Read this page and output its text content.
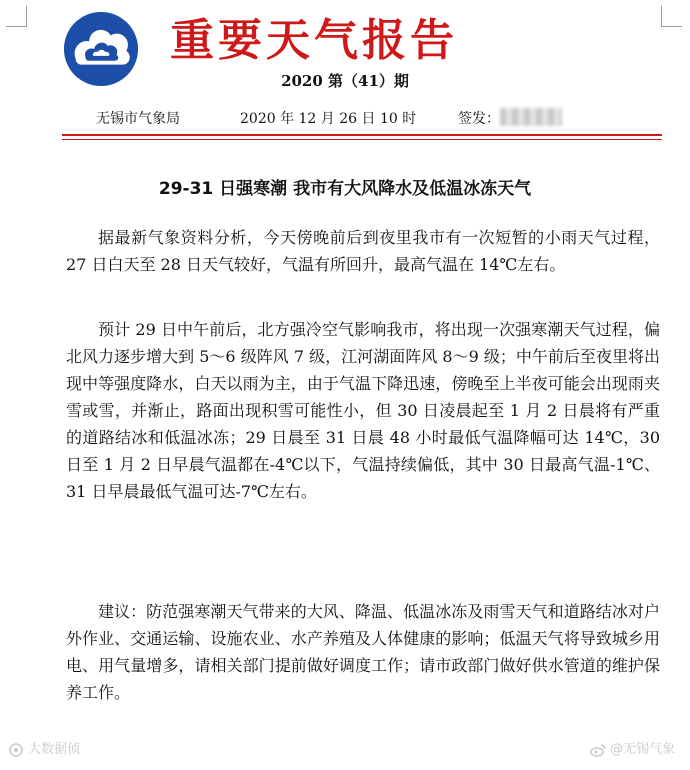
重要天气报告
2020 第（41）期
无锡市气象局	2020 年 12 月 26 日 10 时	签发：
29-31 日强寒潮 我市有大风降水及低温冰冻天气

据最新气象资料分析，今天傍晚前后到夜里我市有一次短暂的小雨天气过程，27 日白天至 28 日天气较好，气温有所回升，最高气温在 14℃左右。

预计 29 日中午前后，北方强冷空气影响我市，将出现一次强寒潮天气过程，偏北风力逐步增大到 5～6 级阵风 7 级，江河湖面阵风 8～9 级；中午前后至夜里将出现中等强度降水，白天以雨为主，由于气温下降迅速，傍晚至上半夜可能会出现雨夹雪或雪，并渐止，路面出现积雪可能性小，但 30 日凌晨起至 1 月 2 日晨将有严重的道路结冰和低温冰冻；29 日晨至 31 日晨 48 小时最低气温降幅可达 14℃，30 日至 1 月 2 日早晨气温都在-4℃以下，气温持续偏低，其中 30 日最高气温-1℃、31 日早晨最低气温可达-7℃左右。

建议：防范强寒潮天气带来的大风、降温、低温冰冻及雨雪天气和道路结冰对户外作业、交通运输、设施农业、水产养殖及人体健康的影响；低温天气将导致城乡用电、用气量增多，请相关部门提前做好调度工作；请市政部门做好供水管道的维护保养工作。

大数据侦	@无锡气象
